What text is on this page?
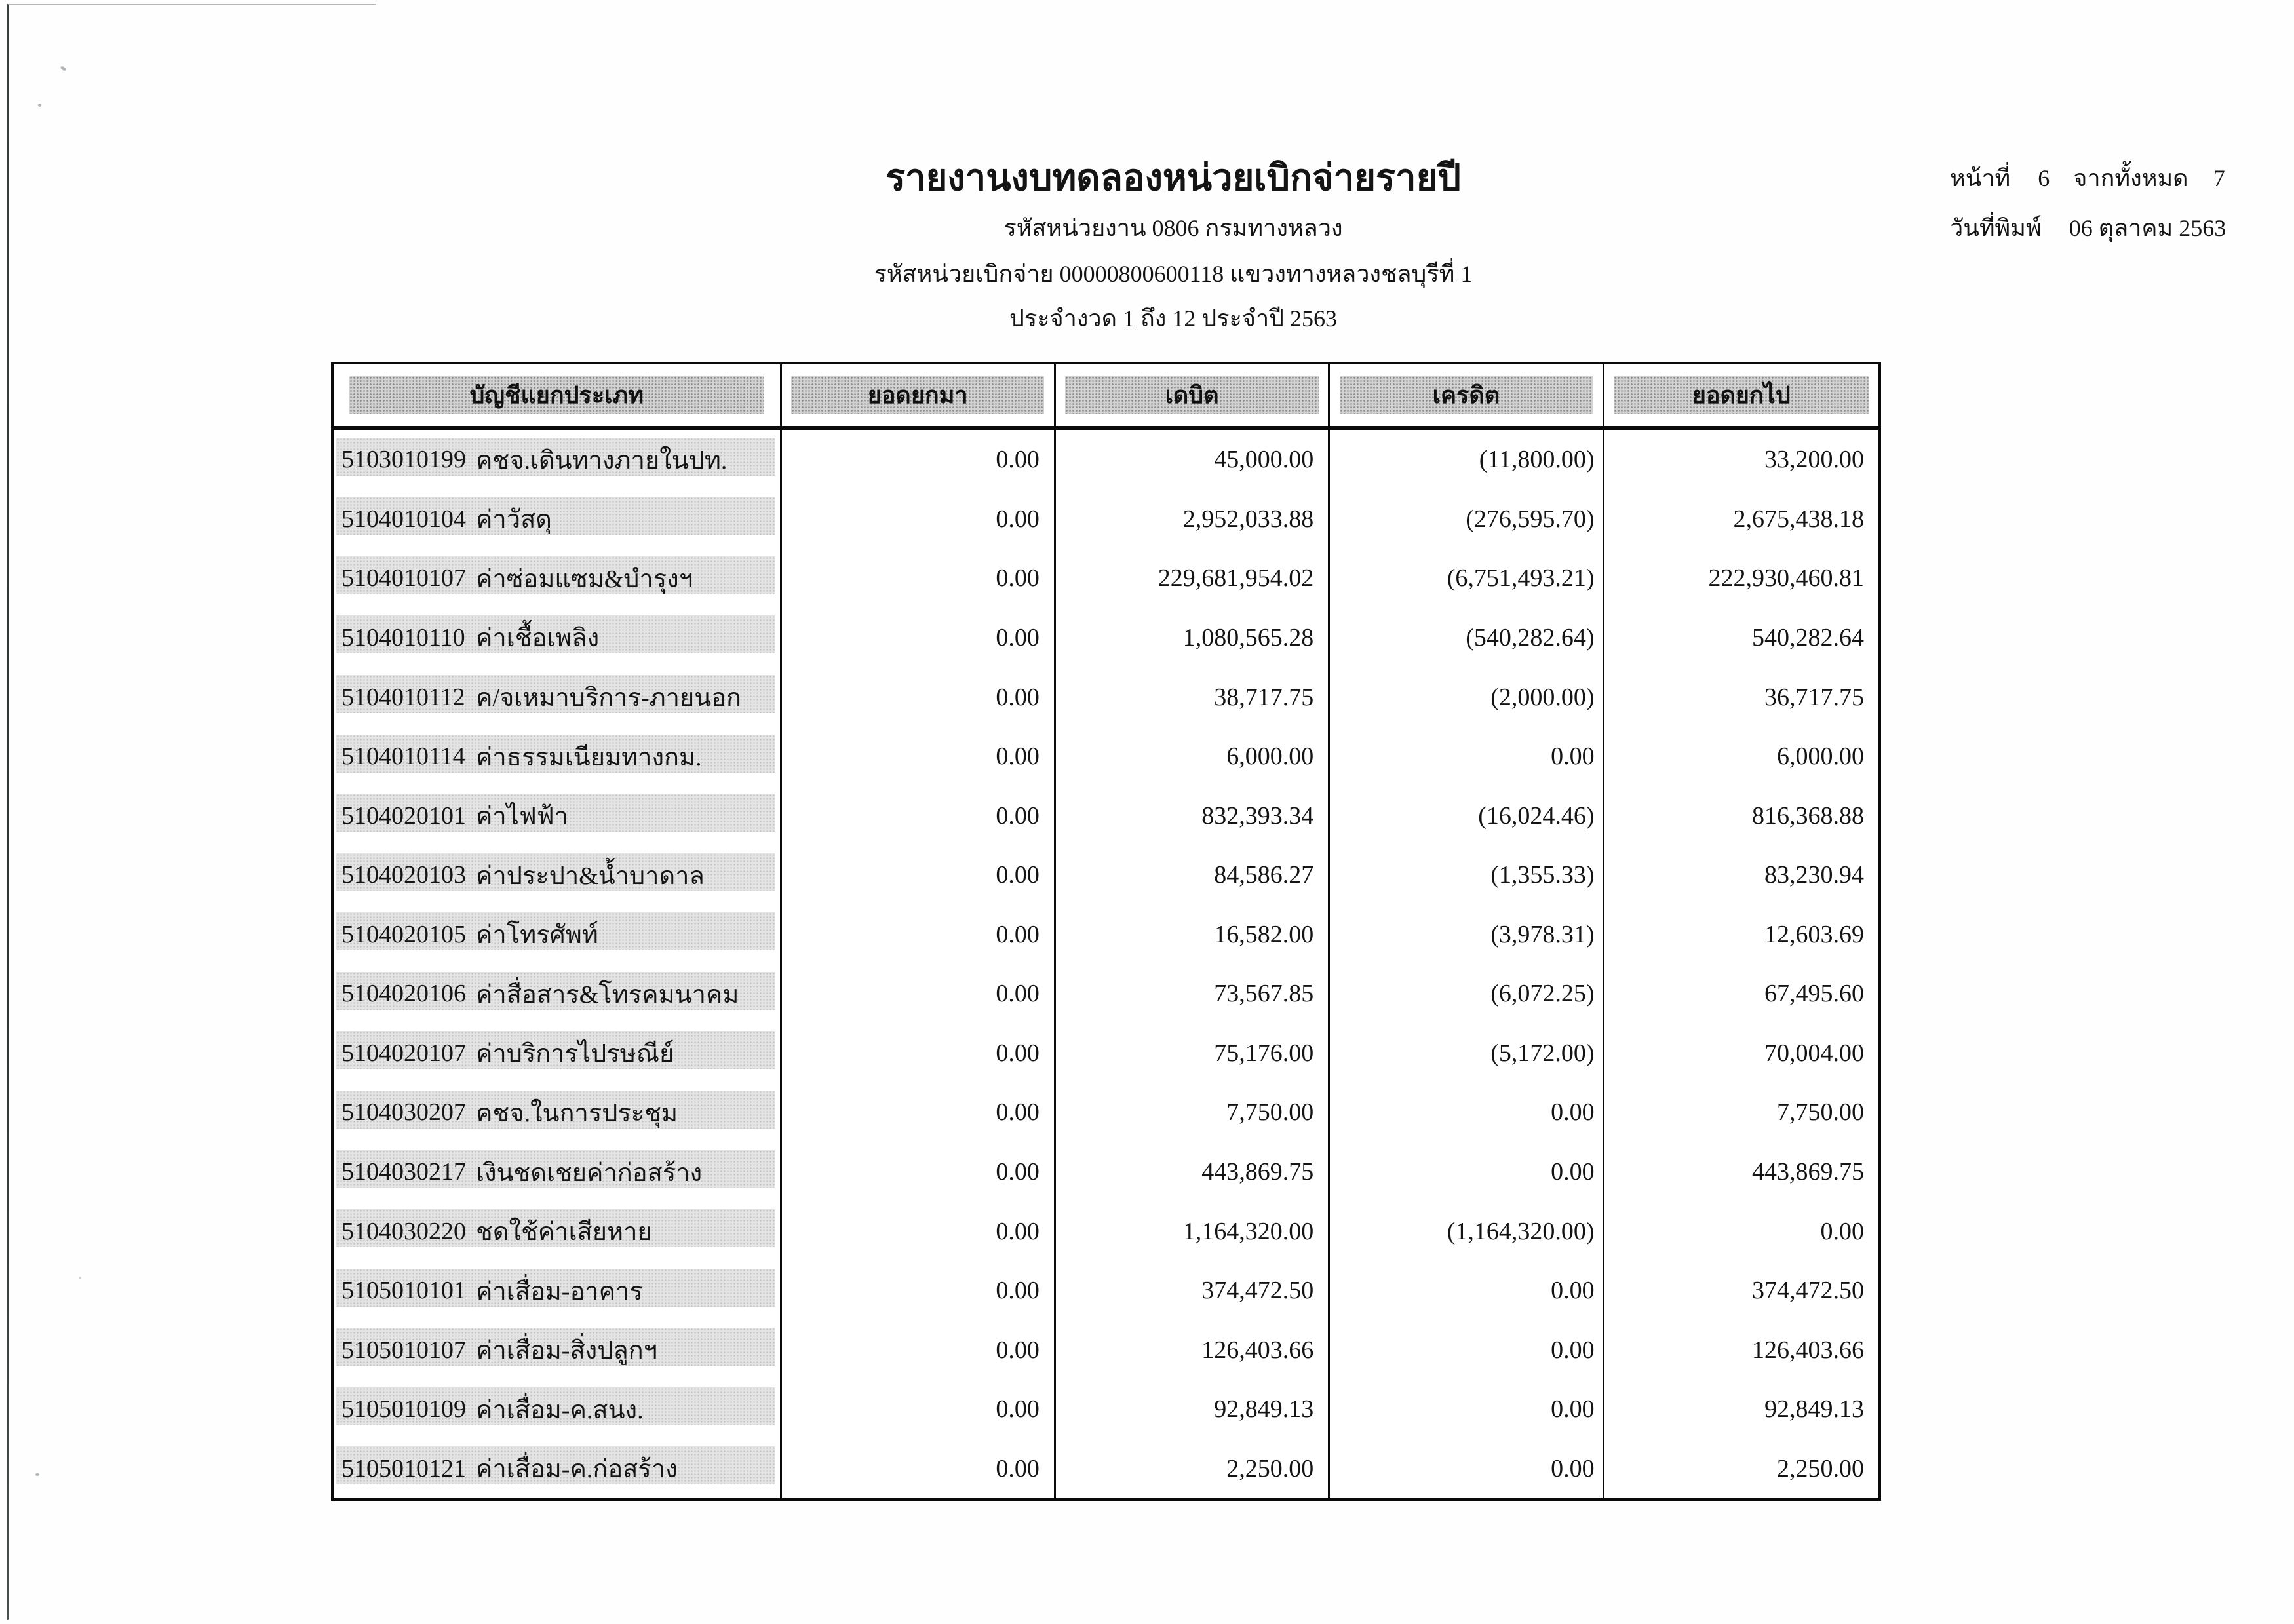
รายงานงบทดลองหน่วยเบิกจ่ายรายปี
รหัสหน่วยงาน 0806 กรมทางหลวง
รหัสหน่วยเบิกจ่าย 00000800600118 แขวงทางหลวงชลบุรีที่ 1
ประจำงวด 1 ถึง 12 ประจำปี 2563
หน้าที่ 6 จากทั้งหมด 7
วันที่พิมพ์ 06 ตุลาคม 2563
บัญชีแยกประเภท	ยอดยกมา	เดบิต	เครดิต	ยอดยกไป
5103010199 คชจ.เดินทางภายในปท.	0.00	45,000.00	(11,800.00)	33,200.00
5104010104 ค่าวัสดุ	0.00	2,952,033.88	(276,595.70)	2,675,438.18
5104010107 ค่าซ่อมแซม&บำรุงฯ	0.00	229,681,954.02	(6,751,493.21)	222,930,460.81
5104010110 ค่าเชื้อเพลิง	0.00	1,080,565.28	(540,282.64)	540,282.64
5104010112 ค/จเหมาบริการ-ภายนอก	0.00	38,717.75	(2,000.00)	36,717.75
5104010114 ค่าธรรมเนียมทางกม.	0.00	6,000.00	0.00	6,000.00
5104020101 ค่าไฟฟ้า	0.00	832,393.34	(16,024.46)	816,368.88
5104020103 ค่าประปา&น้ำบาดาล	0.00	84,586.27	(1,355.33)	83,230.94
5104020105 ค่าโทรศัพท์	0.00	16,582.00	(3,978.31)	12,603.69
5104020106 ค่าสื่อสาร&โทรคมนาคม	0.00	73,567.85	(6,072.25)	67,495.60
5104020107 ค่าบริการไปรษณีย์	0.00	75,176.00	(5,172.00)	70,004.00
5104030207 คชจ.ในการประชุม	0.00	7,750.00	0.00	7,750.00
5104030217 เงินชดเชยค่าก่อสร้าง	0.00	443,869.75	0.00	443,869.75
5104030220 ชดใช้ค่าเสียหาย	0.00	1,164,320.00	(1,164,320.00)	0.00
5105010101 ค่าเสื่อม-อาคาร	0.00	374,472.50	0.00	374,472.50
5105010107 ค่าเสื่อม-สิ่งปลูกฯ	0.00	126,403.66	0.00	126,403.66
5105010109 ค่าเสื่อม-ค.สนง.	0.00	92,849.13	0.00	92,849.13
5105010121 ค่าเสื่อม-ค.ก่อสร้าง	0.00	2,250.00	0.00	2,250.00
